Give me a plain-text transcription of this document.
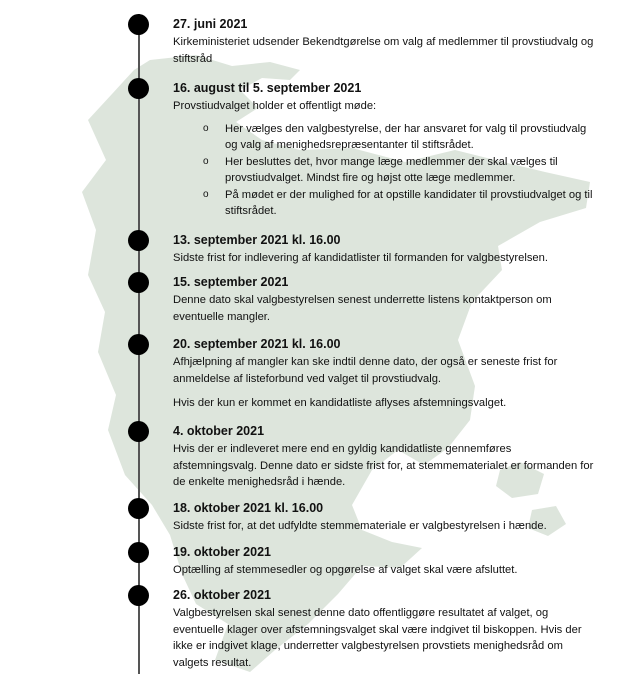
27. juni 2021

Kirkeministeriet udsender Bekendtgørelse om valg af medlemmer til provstiudvalg og stiftsråd

16. august til 5. september 2021

Provstiudvalget holder et offentligt møde:

o Her vælges den valgbestyrelse, der har ansvaret for valg til provstiudvalg og valg af menighedsrepræsentanter til stiftsrådet.
o Her besluttes det, hvor mange læge medlemmer der skal vælges til provstiudvalget. Mindst fire og højst otte læge medlemmer.
o På mødet er der mulighed for at opstille kandidater til provstiudvalget og til stiftsrådet.
13. september 2021 kl. 16.00

Sidste frist for indlevering af kandidatlister til formanden for valgbestyrelsen.

15. september 2021

Denne dato skal valgbestyrelsen senest underrette listens kontaktperson om eventuelle mangler.

20. september 2021 kl. 16.00

Afhjælpning af mangler kan ske indtil denne dato, der også er seneste frist for anmeldelse af listeforbund ved valget til provstiudvalg.

Hvis der kun er kommet en kandidatliste aflyses afstemningsvalget.

4. oktober 2021

Hvis der er indleveret mere end en gyldig kandidatliste gennemføres afstemningsvalg. Denne dato er sidste frist for, at stemmematerialet er formanden for de enkelte menighedsråd i hænde.

18. oktober 2021 kl. 16.00

Sidste frist for, at det udfyldte stemmemateriale er valgbestyrelsen i hænde.

19. oktober 2021

Optælling af stemmesedler og opgørelse af valget skal være afsluttet.

26. oktober 2021

Valgbestyrelsen skal senest denne dato offentliggøre resultatet af valget, og eventuelle klager over afstemningsvalget skal være indgivet til biskoppen. Hvis der ikke er indgivet klage, underretter valgbestyrelsen provstiets menighedsråd om valgets resultat.
